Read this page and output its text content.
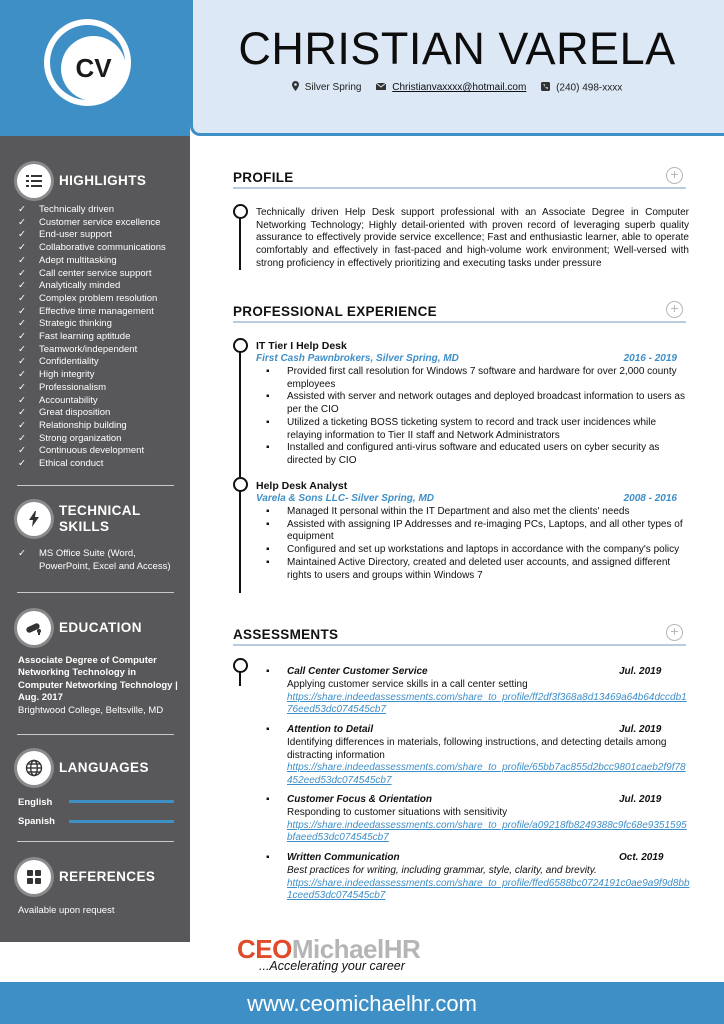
CV
HIGHLIGHTS
✓ Technically driven
✓ Customer service excellence
✓ End-user support
✓ Collaborative communications
✓ Adept multitasking
✓ Call center service support
✓ Analytically minded
✓ Complex problem resolution
✓ Effective time management
✓ Strategic thinking
✓ Fast learning aptitude
✓ Teamwork/independent
✓ Confidentiality
✓ High integrity
✓ Professionalism
✓ Accountability
✓ Great disposition
✓ Relationship building
✓ Strong organization
✓ Continuous development
✓ Ethical conduct
TECHNICAL
SKILLS
✓ MS Office Suite (Word, PowerPoint, Excel and Access)
EDUCATION
Associate Degree of Computer Networking Technology in Computer Networking Technology | Aug. 2017
Brightwood College, Beltsville, MD
LANGUAGES
English
Spanish
REFERENCES
Available upon request
CHRISTIAN VARELA
Silver Spring	Christianvaxxxx@hotmail.com	(240) 498-xxxx
PROFILE	+
Technically driven Help Desk support professional with an Associate Degree in Computer Networking Technology; Highly detail-oriented with proven record of leveraging superb quality assurance to effectively provide service excellence; Fast and enthusiastic learner, able to operate comfortably and effectively in fast-paced and high-volume work environment; Well-versed with strong proficiency in effectively prioritizing and executing tasks under pressure
PROFESSIONAL EXPERIENCE	+
IT Tier I Help Desk
First Cash Pawnbrokers, Silver Spring, MD	2016 - 2019
▪ Provided first call resolution for Windows 7 software and hardware for over 2,000 county employees
▪ Assisted with server and network outages and deployed broadcast information to users as per the CIO
▪ Utilized a ticketing BOSS ticketing system to record and track user incidences while relaying information to Tier II staff and Network Administrators
▪ Installed and configured anti-virus software and educated users on cyber security as directed by CIO
Help Desk Analyst
Varela & Sons LLC- Silver Spring, MD	2008 - 2016
▪ Managed It personal within the IT Department and also met the clients' needs
▪ Assisted with assigning IP Addresses and re-imaging PCs, Laptops, and all other types of equipment
▪ Configured and set up workstations and laptops in accordance with the company's policy
▪ Maintained Active Directory, created and deleted user accounts, and assigned different rights to users and groups within Windows 7
ASSESSMENTS	+
▪ Call Center Customer Service	Jul. 2019
Applying customer service skills in a call center setting
https://share.indeedassessments.com/share_to_profile/ff2df3f368a8d13469a64b64dccdb176eed53dc074545cb7
▪ Attention to Detail	Jul. 2019
Identifying differences in materials, following instructions, and detecting details among distracting information
https://share.indeedassessments.com/share_to_profile/65bb7ac855d2bcc9801caeb2f9f78452eed53dc074545cb7
▪ Customer Focus & Orientation	Jul. 2019
Responding to customer situations with sensitivity
https://share.indeedassessments.com/share_to_profile/a09218fb8249388c9fc68e9351595bfaeed53dc074545cb7
▪ Written Communication	Oct. 2019
Best practices for writing, including grammar, style, clarity, and brevity.
https://share.indeedassessments.com/share_to_profile/ffed6588bc0724191c0ae9a9f9d8bb1ceed53dc074545cb7
CEOMichaelHR
...Accelerating your career
www.ceomichaelhr.com
